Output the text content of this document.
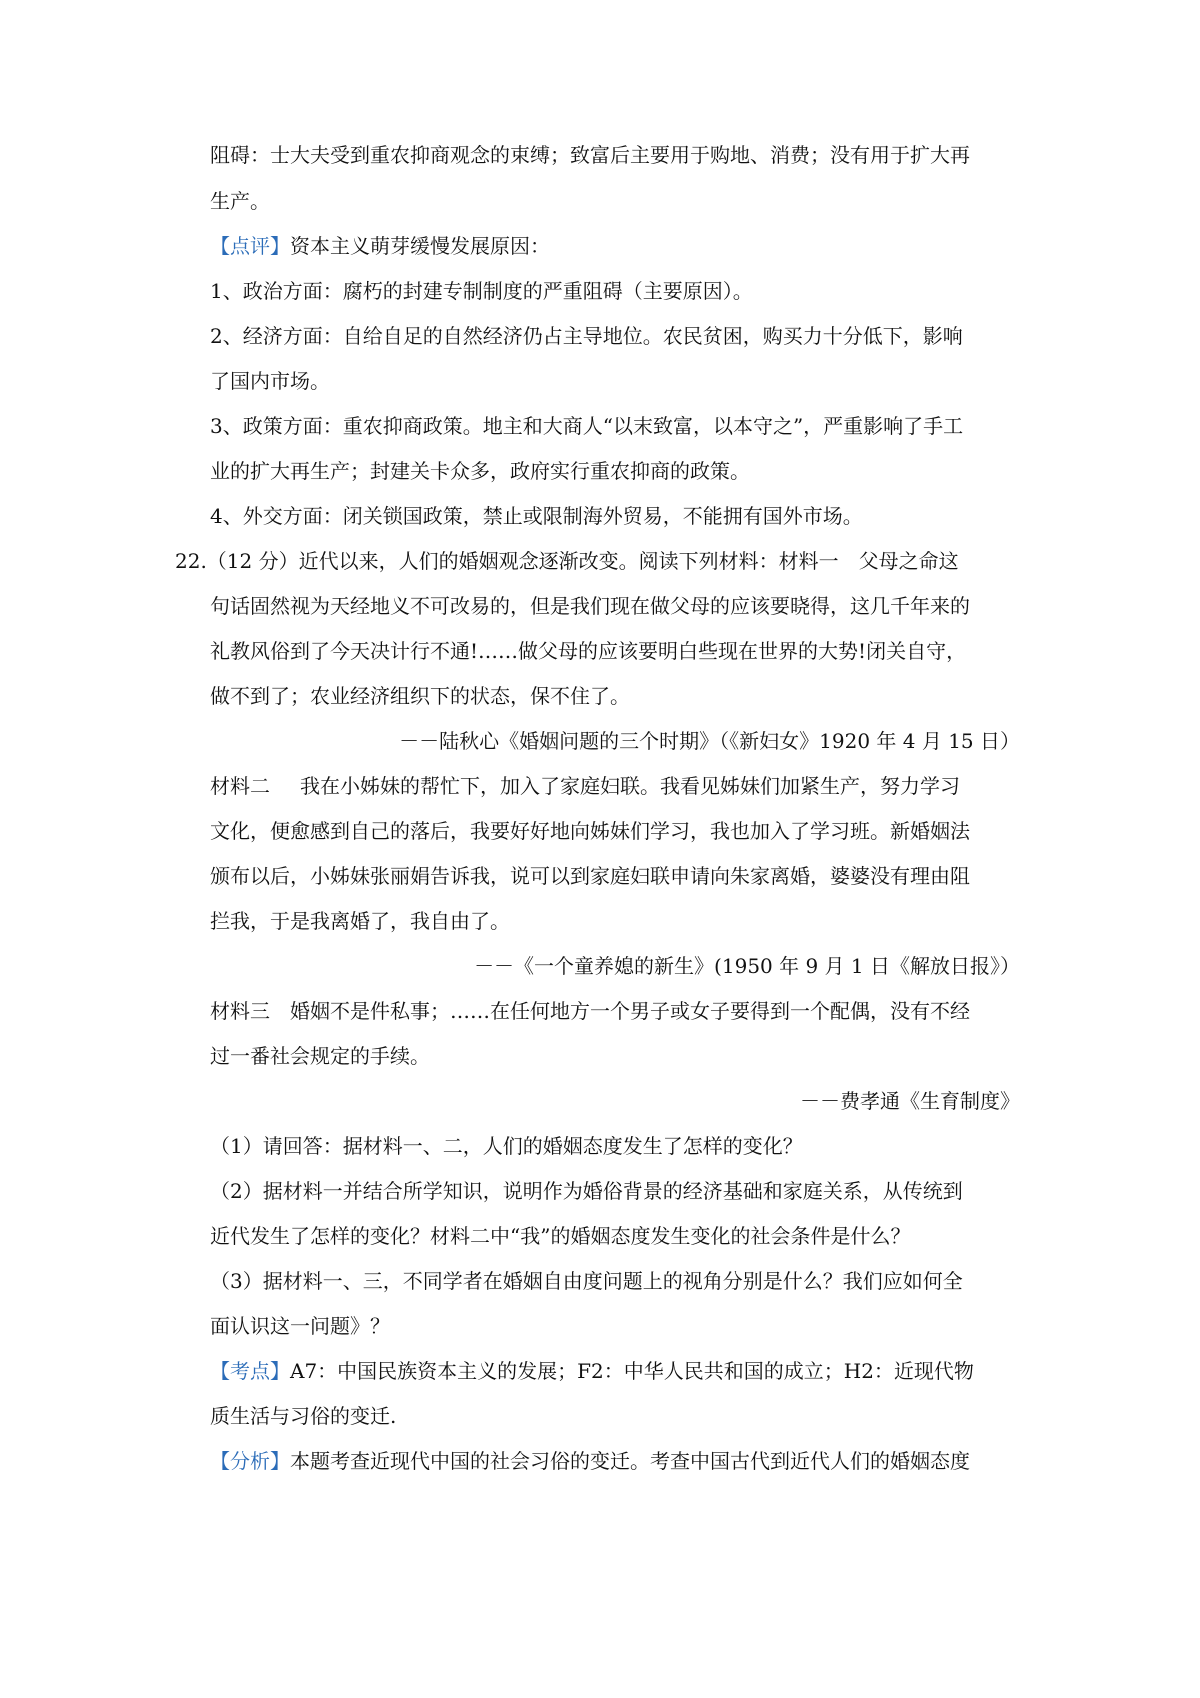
阻碍：士大夫受到重农抑商观念的束缚；致富后主要用于购地、消费；没有用于扩大再
生产。
【点评】资本主义萌芽缓慢发展原因：
1、政治方面：腐朽的封建专制制度的严重阻碍（主要原因）。
2、经济方面：自给自足的自然经济仍占主导地位。农民贫困，购买力十分低下，影响
了国内市场。
3、政策方面：重农抑商政策。地主和大商人“以末致富，以本守之”，严重影响了手工
业的扩大再生产；封建关卡众多，政府实行重农抑商的政策。
4、外交方面：闭关锁国政策，禁止或限制海外贸易，不能拥有国外市场。
22.（12 分）近代以来，人们的婚姻观念逐渐改变。阅读下列材料：材料一　父母之命这
句话固然视为天经地义不可改易的，但是我们现在做父母的应该要晓得，这几千年来的
礼教风俗到了今天决计行不通!……做父母的应该要明白些现在世界的大势!闭关自守，
做不到了；农业经济组织下的状态，保不住了。
－－陆秋心《婚姻问题的三个时期》（《新妇女》1920 年 4 月 15 日）
材料二 我在小姊妹的帮忙下，加入了家庭妇联。我看见姊妹们加紧生产，努力学习
文化，便愈感到自己的落后，我要好好地向姊妹们学习，我也加入了学习班。新婚姻法
颁布以后，小姊妹张丽娟告诉我，说可以到家庭妇联申请向朱家离婚，婆婆没有理由阻
拦我，于是我离婚了，我自由了。
－－《一个童养媳的新生》(1950 年 9 月 1 日《解放日报》）
材料三　婚姻不是件私事；……在任何地方一个男子或女子要得到一个配偶，没有不经
过一番社会规定的手续。
－－费孝通《生育制度》
（1）请回答：据材料一、二，人们的婚姻态度发生了怎样的变化？
（2）据材料一并结合所学知识，说明作为婚俗背景的经济基础和家庭关系，从传统到
近代发生了怎样的变化？材料二中“我”的婚姻态度发生变化的社会条件是什么？
（3）据材料一、三，不同学者在婚姻自由度问题上的视角分别是什么？我们应如何全
面认识这一问题》？
【考点】A7：中国民族资本主义的发展；F2：中华人民共和国的成立；H2：近现代物
质生活与习俗的变迁.
【分析】本题考查近现代中国的社会习俗的变迁。考查中国古代到近代人们的婚姻态度
